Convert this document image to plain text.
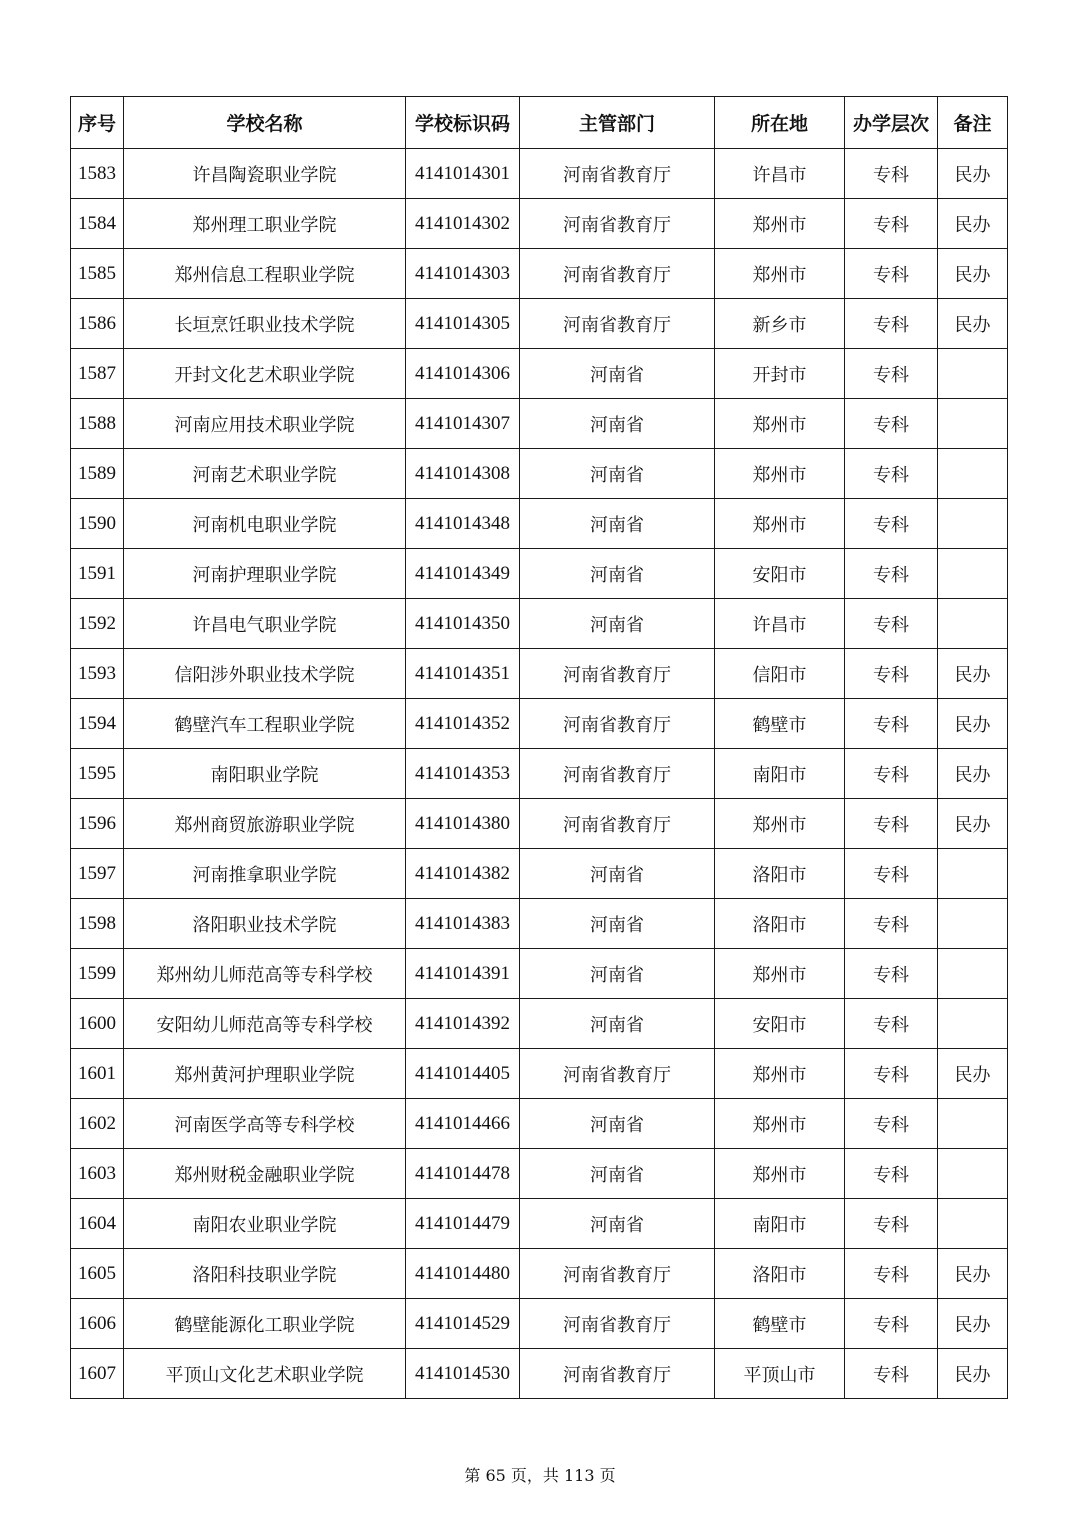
序号	学校名称	学校标识码	主管部门	所在地	办学层次	备注
1583	许昌陶瓷职业学院	4141014301	河南省教育厅	许昌市	专科	民办
1584	郑州理工职业学院	4141014302	河南省教育厅	郑州市	专科	民办
1585	郑州信息工程职业学院	4141014303	河南省教育厅	郑州市	专科	民办
1586	长垣烹饪职业技术学院	4141014305	河南省教育厅	新乡市	专科	民办
1587	开封文化艺术职业学院	4141014306	河南省	开封市	专科	
1588	河南应用技术职业学院	4141014307	河南省	郑州市	专科	
1589	河南艺术职业学院	4141014308	河南省	郑州市	专科	
1590	河南机电职业学院	4141014348	河南省	郑州市	专科	
1591	河南护理职业学院	4141014349	河南省	安阳市	专科	
1592	许昌电气职业学院	4141014350	河南省	许昌市	专科	
1593	信阳涉外职业技术学院	4141014351	河南省教育厅	信阳市	专科	民办
1594	鹤壁汽车工程职业学院	4141014352	河南省教育厅	鹤壁市	专科	民办
1595	南阳职业学院	4141014353	河南省教育厅	南阳市	专科	民办
1596	郑州商贸旅游职业学院	4141014380	河南省教育厅	郑州市	专科	民办
1597	河南推拿职业学院	4141014382	河南省	洛阳市	专科	
1598	洛阳职业技术学院	4141014383	河南省	洛阳市	专科	
1599	郑州幼儿师范高等专科学校	4141014391	河南省	郑州市	专科	
1600	安阳幼儿师范高等专科学校	4141014392	河南省	安阳市	专科	
1601	郑州黄河护理职业学院	4141014405	河南省教育厅	郑州市	专科	民办
1602	河南医学高等专科学校	4141014466	河南省	郑州市	专科	
1603	郑州财税金融职业学院	4141014478	河南省	郑州市	专科	
1604	南阳农业职业学院	4141014479	河南省	南阳市	专科	
1605	洛阳科技职业学院	4141014480	河南省教育厅	洛阳市	专科	民办
1606	鹤壁能源化工职业学院	4141014529	河南省教育厅	鹤壁市	专科	民办
1607	平顶山文化艺术职业学院	4141014530	河南省教育厅	平顶山市	专科	民办
第 65 页，共 113 页
